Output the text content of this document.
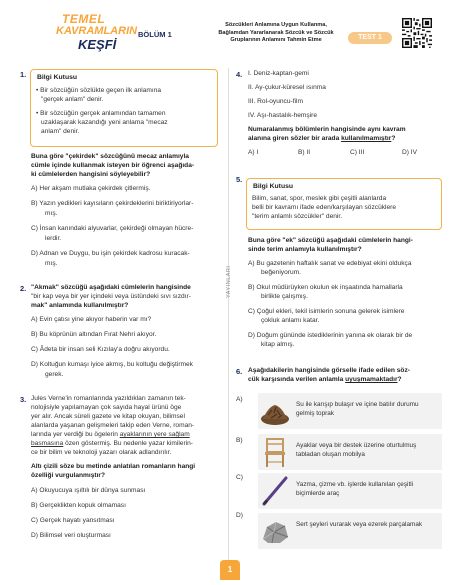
TEMEL
KAVRAMLARIN
KEŞFİ
BÖLÜM 1
Sözcükleri Anlamına Uygun Kullanma,
Bağlamdan Yararlanarak Sözcük ve Sözcük
Gruplarının Anlamını Tahmin Etme	TEST 1
YAYINLARI
1. Bilgi Kutusu
• Bir sözcüğün sözlükte geçen ilk anlamına
"gerçek anlam" denir.
• Bir sözcüğün gerçek anlamından tamamen
uzaklaşarak kazandığı yeni anlama "mecaz
anlam" denir.
Buna göre "çekirdek" sözcüğünü mecaz anlamıyla
cümle içinde kullanmak isteyen bir öğrenci aşağıda-
ki cümlelerden hangisini söyleyebilir?
A) Her akşam mutlaka çekirdek çitlermiş.
B) Yazın yedikleri kayısıların çekirdeklerini biriktiriyorlar-
mış.
C) İnsan kanındaki alyuvarlar, çekirdeği olmayan hücre-
lerdir.
D) Adnan ve Duygu, bu işin çekirdek kadrosu kuracak-
mış.
2. "Akmak" sözcüğü aşağıdaki cümlelerin hangisinde
"bir kap veya bir yer içindeki veya üstündeki sıvı sızdır-
mak" anlamında kullanılmıştır?
A) Evin çatısı yine akıyor haberin var mı?
B) Bu köprünün altından Fırat Nehri akıyor.
C) Âdeta bir insan seli Kızılay'a doğru akıyordu.
D) Koltuğun kumaşı iyice akmış, bu koltuğu değiştirmek
gerek.
3. Jules Verne'in romanlarında yazıldıkları zamanın tek-
nolojisiyle yapılamayan çok sayıda hayal ürünü öge
yer alır. Ancak süreli gazete ve kitap okuyan, bilimsel
alanlarda yaşanan gelişmeleri takip eden Verne, roman-
larında yer verdiği bu ögelerin ayaklarının yere sağlam
basmasına özen göstermiş. Bu nedenle yazar kimilerin-
ce bir bilim ve teknoloji yazarı olarak adlandırılır.
Altı çizili söze bu metinde anlatılan romanların hangi
özelliği vurgulanmıştır?
A) Okuyucuya ışıltılı bir dünya sunması
B) Gerçeklikten kopuk olmaması
C) Gerçek hayatı yansıtması
D) Bilimsel veri oluşturması
4. I. Deniz-kaptan-gemi
II. Ay-çukur-küresel ısınma
III. Rol-oyuncu-film
IV. Aşı-hastalık-hemşire
Numaralanmış bölümlerin hangisinde aynı kavram
alanına giren sözler bir arada kullanılmamıştır?
A) I	B) II	C) III	D) IV
5.
Bilgi Kutusu
Bilim, sanat, spor, meslek gibi çeşitli alanlarda
belli bir kavramı ifade eden/karşılayan sözcüklere
"terim anlamlı sözcükler" denir.
Buna göre "ek" sözcüğü aşağıdaki cümlelerin hangi-
sinde terim anlamıyla kullanılmıştır?
A) Bu gazetenin haftalık sanat ve edebiyat ekini oldukça
beğeniyorum.
B) Okul müdürüyken okulun ek inşaatında hamallarla
birlikte çalışmış.
C) Çoğul ekleri, tekil isimlerin sonuna gelerek isimlere
çokluk anlamı katar.
D) Doğum gününde istediklerinin yanına ek olarak bir de
kitap almış.
6. Aşağıdakilerin hangisinde görselle ifade edilen söz-
cük karşısında verilen anlamla uyuşmamaktadır?
A)
Su ile karışıp bulaşır ve içine batılır durumu gelmiş toprak
B)
Ayaklar veya bir destek üzerine oturtulmuş tabladan oluşan mobilya
C)
Yazma, çizme vb. işlerde kullanılan çeşitli biçimlerde araç
D)
Sert şeyleri vurarak veya ezerek parçalamak
1
